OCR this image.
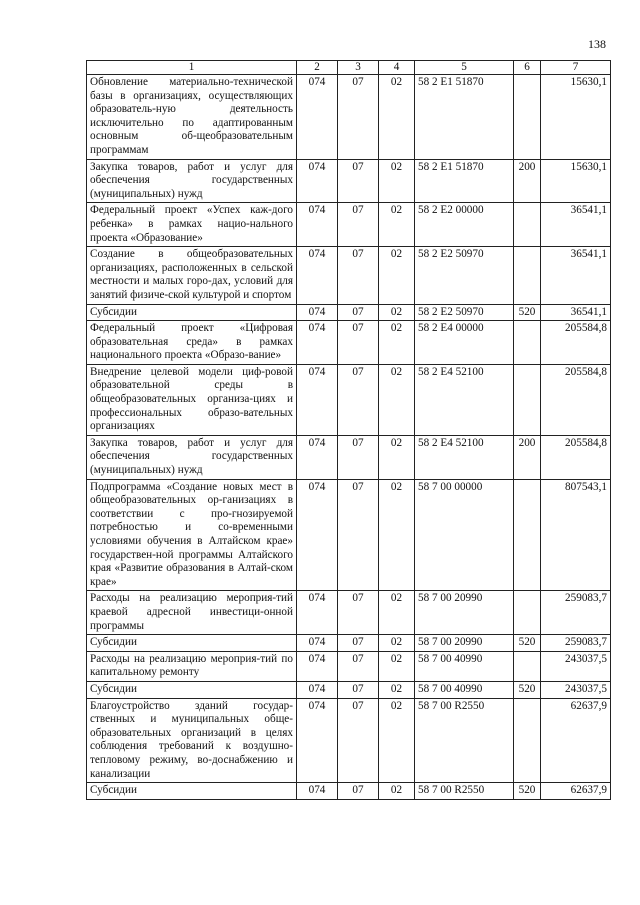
138
1	2	3	4	5	6	7
Обновление материально-технической базы в организациях, осуществляющих образователь-ную деятельность исключительно по адаптированным основным об-щеобразовательным программам	074	07	02	58 2 E1 51870		15630,1
Закупка товаров, работ и услуг для обеспечения государственных (муниципальных) нужд	074	07	02	58 2 E1 51870	200	15630,1
Федеральный проект «Успех каж-дого ребенка» в рамках нацио-нального проекта «Образование»	074	07	02	58 2 E2 00000		36541,1
Создание в общеобразовательных организациях, расположенных в сельской местности и малых горо-дах, условий для занятий физиче-ской культурой и спортом	074	07	02	58 2 E2 50970		36541,1
Субсидии	074	07	02	58 2 E2 50970	520	36541,1
Федеральный проект «Цифровая образовательная среда» в рамках национального проекта «Образо-вание»	074	07	02	58 2 E4 00000		205584,8
Внедрение целевой модели циф-ровой образовательной среды в общеобразовательных организа-циях и профессиональных образо-вательных организациях	074	07	02	58 2 E4 52100		205584,8
Закупка товаров, работ и услуг для обеспечения государственных (муниципальных) нужд	074	07	02	58 2 E4 52100	200	205584,8
Подпрограмма «Создание новых мест в общеобразовательных ор-ганизациях в соответствии с про-гнозируемой потребностью и со-временными условиями обучения в Алтайском крае» государствен-ной программы Алтайского края «Развитие образования в Алтай-ском крае»	074	07	02	58 7 00 00000		807543,1
Расходы на реализацию мероприя-тий краевой адресной инвестици-онной программы	074	07	02	58 7 00 20990		259083,7
Субсидии	074	07	02	58 7 00 20990	520	259083,7
Расходы на реализацию мероприя-тий по капитальному ремонту	074	07	02	58 7 00 40990		243037,5
Субсидии	074	07	02	58 7 00 40990	520	243037,5
Благоустройство зданий государ-ственных и муниципальных обще-образовательных организаций в целях соблюдения требований к воздушно-тепловому режиму, во-доснабжению и канализации	074	07	02	58 7 00 R2550		62637,9
Субсидии	074	07	02	58 7 00 R2550	520	62637,9
